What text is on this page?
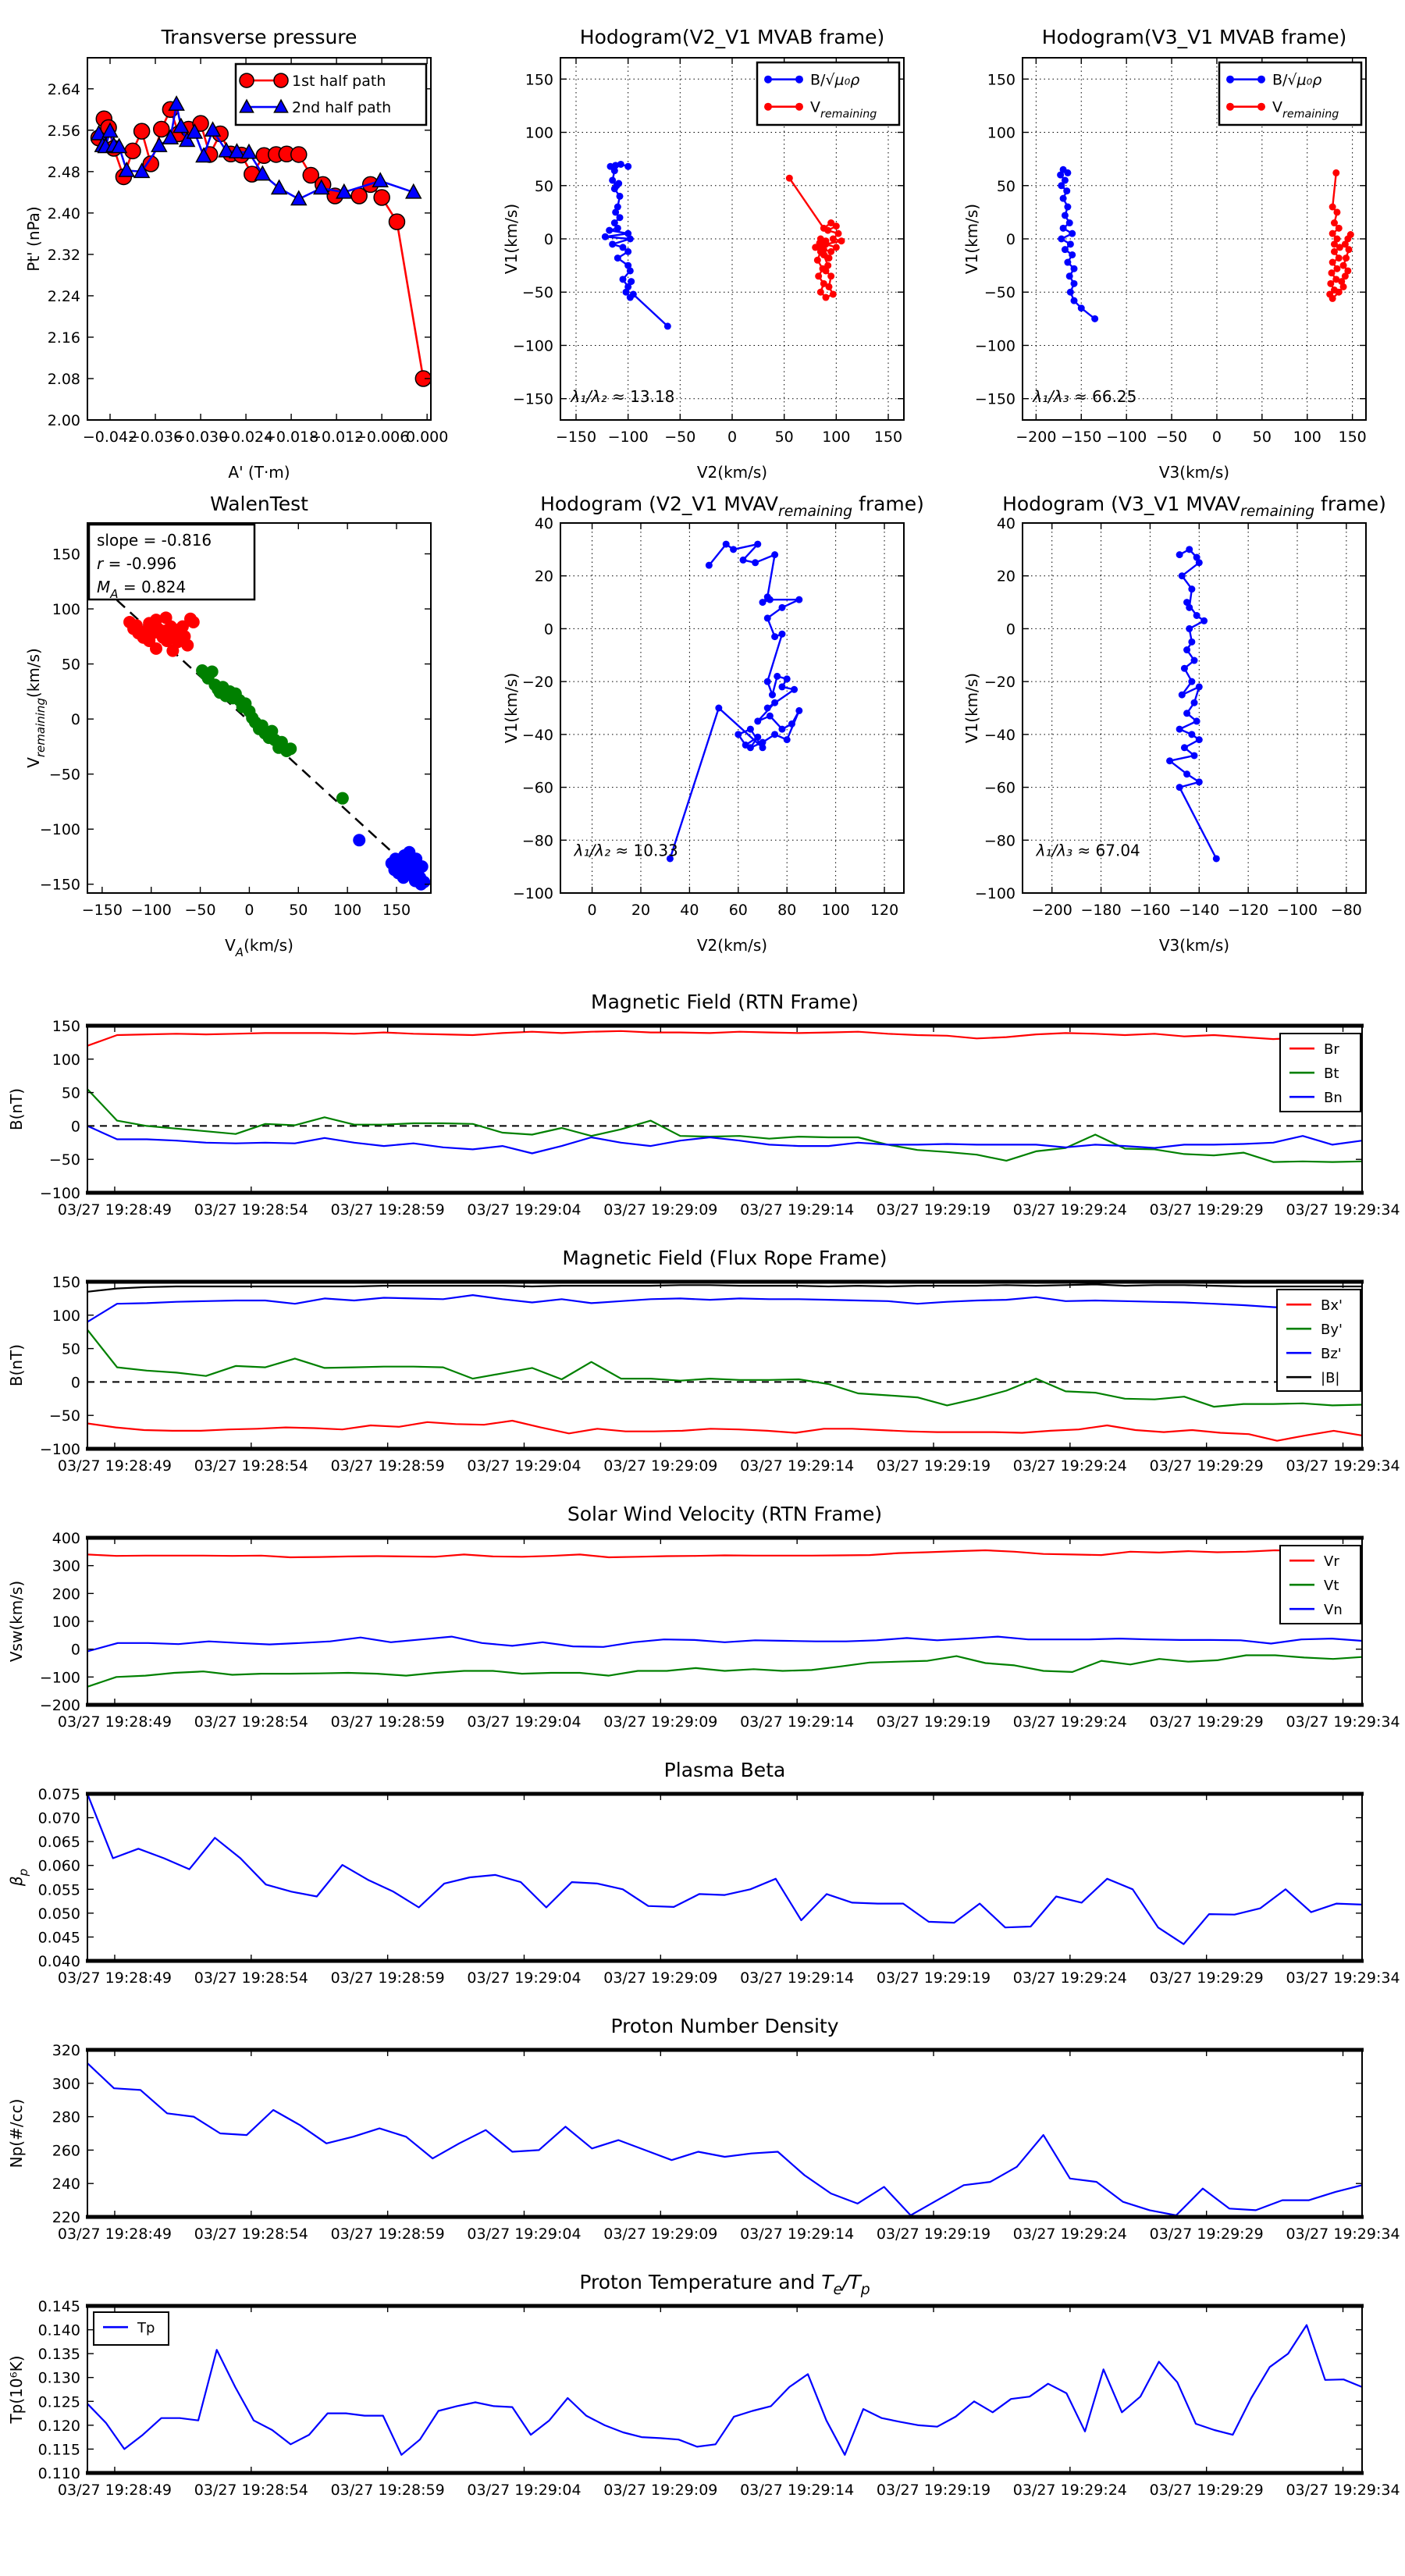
−0.042
−0.036
−0.030
−0.024
−0.018
−0.012
−0.006
0.000
2.00
2.08
2.16
2.24
2.32
2.40
2.48
2.56
2.64
Transverse pressure
A' (T·m)
Pt' (nPa)
1st half path
2nd half path
−150 −100 −50 0	50 100 150
−150
−100
−50
0
50
100
150
Hodogram(V2_V1 MVAB frame)
V2(km/s)
V1(km/s)
λ₁/λ₂ ≈ 13.18
B/√μ₀ρ
$V_{remaining}$
−200 −150 −100 −50 0 50 100 150
−150
−100
−50
0
50
100
150
Hodogram(V3_V1 MVAB frame)
V3(km/s)
V1(km/s)
λ₁/λ₃ ≈ 66.25
B/√μ₀ρ
$V_{remaining}$
−150 −100 −50 0 50 100 150
−150
−100
−50
0
50
100
150
WalenTest
$V_A(km/s)$
$V_{remaining}(km/s)$
slope = -0.816
r = -0.996
$M_A = 0.824$
0 20 40 60 80 100 120
−100
−80
−60
−40
−20
0
20
40
Hodogram (V2_V1 $MVAV_{remaining}$ frame)
V2(km/s)
V1(km/s)
λ₁/λ₂ ≈ 10.33
−200 −180 −160 −140 −120 −100 −80
−100
−80
−60
−40
−20
0
20
40
Hodogram (V3_V1 $MVAV_{remaining}$ frame)
V3(km/s)
V1(km/s)
λ₁/λ₃ ≈ 67.04
03/27 19:28:49 03/27 19:28:54 03/27 19:28:59 03/27 19:29:04 03/27 19:29:09 03/27 19:29:14 03/27 19:29:19 03/27 19:29:24 03/27 19:29:29 03/27 19:29:34
−100
−50
0
50
100
150
Magnetic Field (RTN Frame)
B(nT)
Br
Bt
Bn
03/27 19:28:49 03/27 19:28:54 03/27 19:28:59 03/27 19:29:04 03/27 19:29:09 03/27 19:29:14 03/27 19:29:19 03/27 19:29:24 03/27 19:29:29 03/27 19:29:34
−100
−50
0
50
100
150
Magnetic Field (Flux Rope Frame)
B(nT)
Bx'
By'
Bz'
|B|
03/27 19:28:49 03/27 19:28:54 03/27 19:28:59 03/27 19:29:04 03/27 19:29:09 03/27 19:29:14 03/27 19:29:19 03/27 19:29:24 03/27 19:29:29 03/27 19:29:34
−200
−100
0
100
200
300
400
Solar Wind Velocity (RTN Frame)
Vsw(km/s)
Vr
Vt
Vn
03/27 19:28:49 03/27 19:28:54 03/27 19:28:59 03/27 19:29:04 03/27 19:29:09 03/27 19:29:14 03/27 19:29:19 03/27 19:29:24 03/27 19:29:29 03/27 19:29:34
0.040
0.045
0.050
0.055
0.060
0.065
0.070
0.075
Plasma Beta
$\beta_p$
03/27 19:28:49 03/27 19:28:54 03/27 19:28:59 03/27 19:29:04 03/27 19:29:09 03/27 19:29:14 03/27 19:29:19 03/27 19:29:24 03/27 19:29:29 03/27 19:29:34
220
240
260
280
300
320
Proton Number Density
Np(#/cc)
03/27 19:28:49 03/27 19:28:54 03/27 19:28:59 03/27 19:29:04 03/27 19:29:09 03/27 19:29:14 03/27 19:29:19 03/27 19:29:24 03/27 19:29:29 03/27 19:29:34
0.110
0.115
0.120
0.125
0.130
0.135
0.140
0.145
Proton Temperature and $T_e/T_p$
Tp(10⁶K)
Tp
